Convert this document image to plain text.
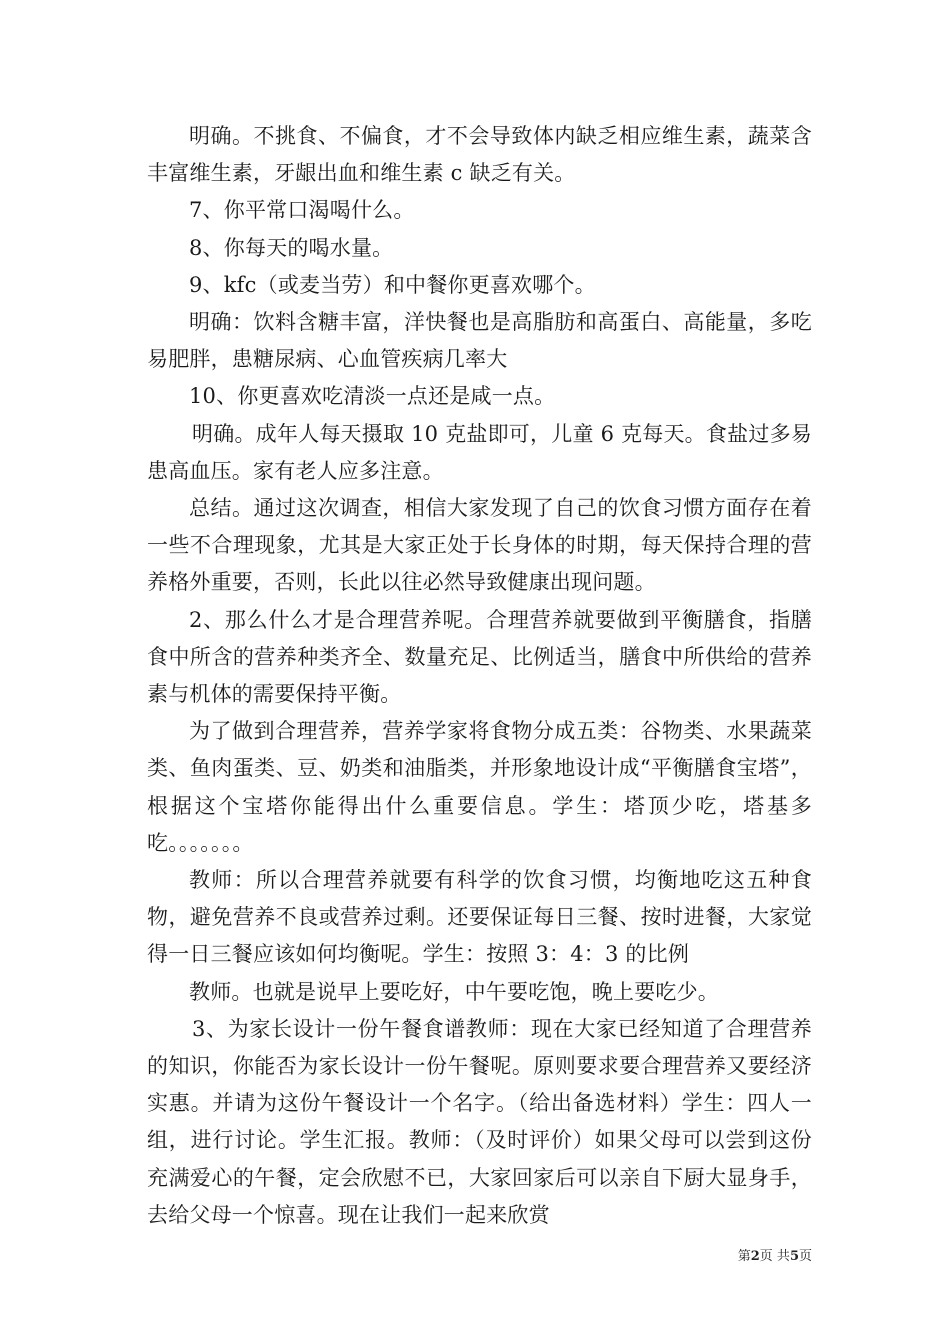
明确。不挑食、不偏食，才不会导致体内缺乏相应维生素，蔬菜含丰富维生素，牙龈出血和维生素 c 缺乏有关。

7、你平常口渴喝什么。

8、你每天的喝水量。

9、kfc（或麦当劳）和中餐你更喜欢哪个。

明确：饮料含糖丰富，洋快餐也是高脂肪和高蛋白、高能量，多吃易肥胖，患糖尿病、心血管疾病几率大

10、你更喜欢吃清淡一点还是咸一点。

明确。成年人每天摄取 10 克盐即可，儿童 6 克每天。食盐过多易患高血压。家有老人应多注意。

总结。通过这次调查，相信大家发现了自己的饮食习惯方面存在着一些不合理现象，尤其是大家正处于长身体的时期，每天保持合理的营养格外重要，否则，长此以往必然导致健康出现问题。

2、那么什么才是合理营养呢。合理营养就要做到平衡膳食，指膳食中所含的营养种类齐全、数量充足、比例适当，膳食中所供给的营养素与机体的需要保持平衡。

为了做到合理营养，营养学家将食物分成五类：谷物类、水果蔬菜类、鱼肉蛋类、豆、奶类和油脂类，并形象地设计成“平衡膳食宝塔”，根据这个宝塔你能得出什么重要信息。学生：塔顶少吃，塔基多吃。。。。。。。

教师：所以合理营养就要有科学的饮食习惯，均衡地吃这五种食物，避免营养不良或营养过剩。还要保证每日三餐、按时进餐，大家觉得一日三餐应该如何均衡呢。学生：按照 3：4：3 的比例

教师。也就是说早上要吃好，中午要吃饱，晚上要吃少。

3、为家长设计一份午餐食谱教师：现在大家已经知道了合理营养的知识，你能否为家长设计一份午餐呢。原则要求要合理营养又要经济实惠。并请为这份午餐设计一个名字。（给出备选材料）学生：四人一组，进行讨论。学生汇报。教师：（及时评价）如果父母可以尝到这份充满爱心的午餐，定会欣慰不已，大家回家后可以亲自下厨大显身手，去给父母一个惊喜。现在让我们一起来欣赏

第2页 共5页
